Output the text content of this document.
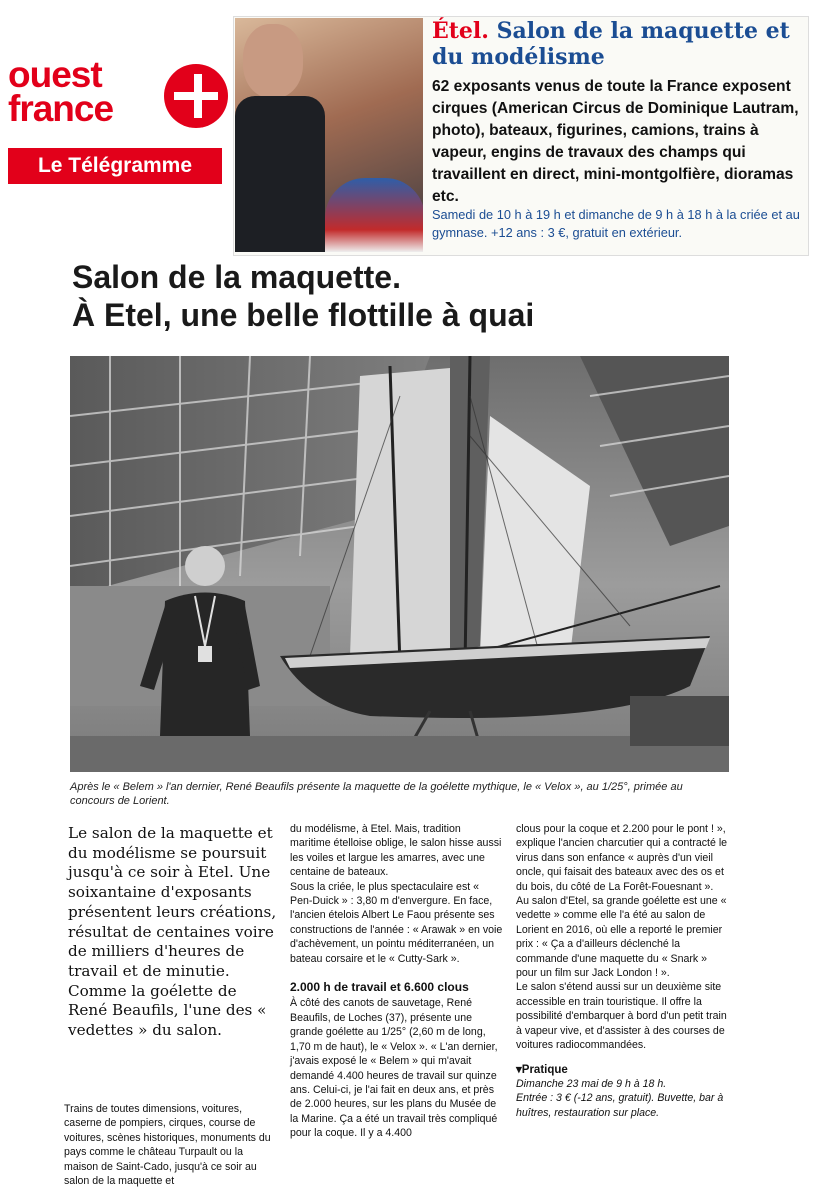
ouest
france
Le Télégramme
Étel. Salon de la maquette et du modélisme
62 exposants venus de toute la France exposent cirques (American Circus de Dominique Lautram, photo), bateaux, figurines, camions, trains à vapeur, engins de travaux des champs qui travaillent en direct, mini-montgolfière, dioramas etc.
Samedi de 10 h à 19 h et dimanche de 9 h à 18 h à la criée et au gymnase. +12 ans : 3 €, gratuit en extérieur.
Salon de la maquette.
À Etel, une belle flottille à quai
Après le « Belem » l'an dernier, René Beaufils présente la maquette de la goélette mythique, le « Velox », au 1/25°, primée au concours de Lorient.
Le salon de la maquette et du modélisme se poursuit jusqu'à ce soir à Etel. Une soixantaine d'exposants présentent leurs créations, résultat de centaines voire de milliers d'heures de travail et de minutie. Comme la goélette de René Beaufils, l'une des « vedettes » du salon.
Trains de toutes dimensions, voitures, caserne de pompiers, cirques, course de voitures, scènes historiques, monuments du pays comme le château Turpault ou la maison de Saint-Cado, jusqu'à ce soir au salon de la maquette et

du modélisme, à Etel. Mais, tradition maritime ételloise oblige, le salon hisse aussi les voiles et largue les amarres, avec une centaine de bateaux.

Sous la criée, le plus spectaculaire est « Pen-Duick » : 3,80 m d'envergure. En face, l'ancien ételois Albert Le Faou présente ses constructions de l'année : « Arawak » en voie d'achèvement, un pointu méditerranéen, un bateau corsaire et le « Cutty-Sark ».

2.000 h de travail et 6.600 clous

À côté des canots de sauvetage, René Beaufils, de Loches (37), présente une grande goélette au 1/25° (2,60 m de long, 1,70 m de haut), le « Velox ». « L'an dernier, j'avais exposé le « Belem » qui m'avait demandé 4.400 heures de travail sur quinze ans. Celui-ci, je l'ai fait en deux ans, et près de 2.000 heures, sur les plans du Musée de la Marine. Ça a été un travail très compliqué pour la coque. Il y a 4.400

clous pour la coque et 2.200 pour le pont ! », explique l'ancien charcutier qui a contracté le virus dans son enfance « auprès d'un vieil oncle, qui faisait des bateaux avec des os et du bois, du côté de La Forêt-Fouesnant ».

Au salon d'Etel, sa grande goélette est une « vedette » comme elle l'a été au salon de Lorient en 2016, où elle a reporté le premier prix : « Ça a d'ailleurs déclenché la commande d'une maquette du « Snark » pour un film sur Jack London ! ».

Le salon s'étend aussi sur un deuxième site accessible en train touristique. Il offre la possibilité d'embarquer à bord d'un petit train à vapeur vive, et d'assister à des courses de voitures radiocommandées.

▾Pratique

Dimanche 23 mai de 9 h à 18 h.

Entrée : 3 € (-12 ans, gratuit). Buvette, bar à huîtres, restauration sur place.
